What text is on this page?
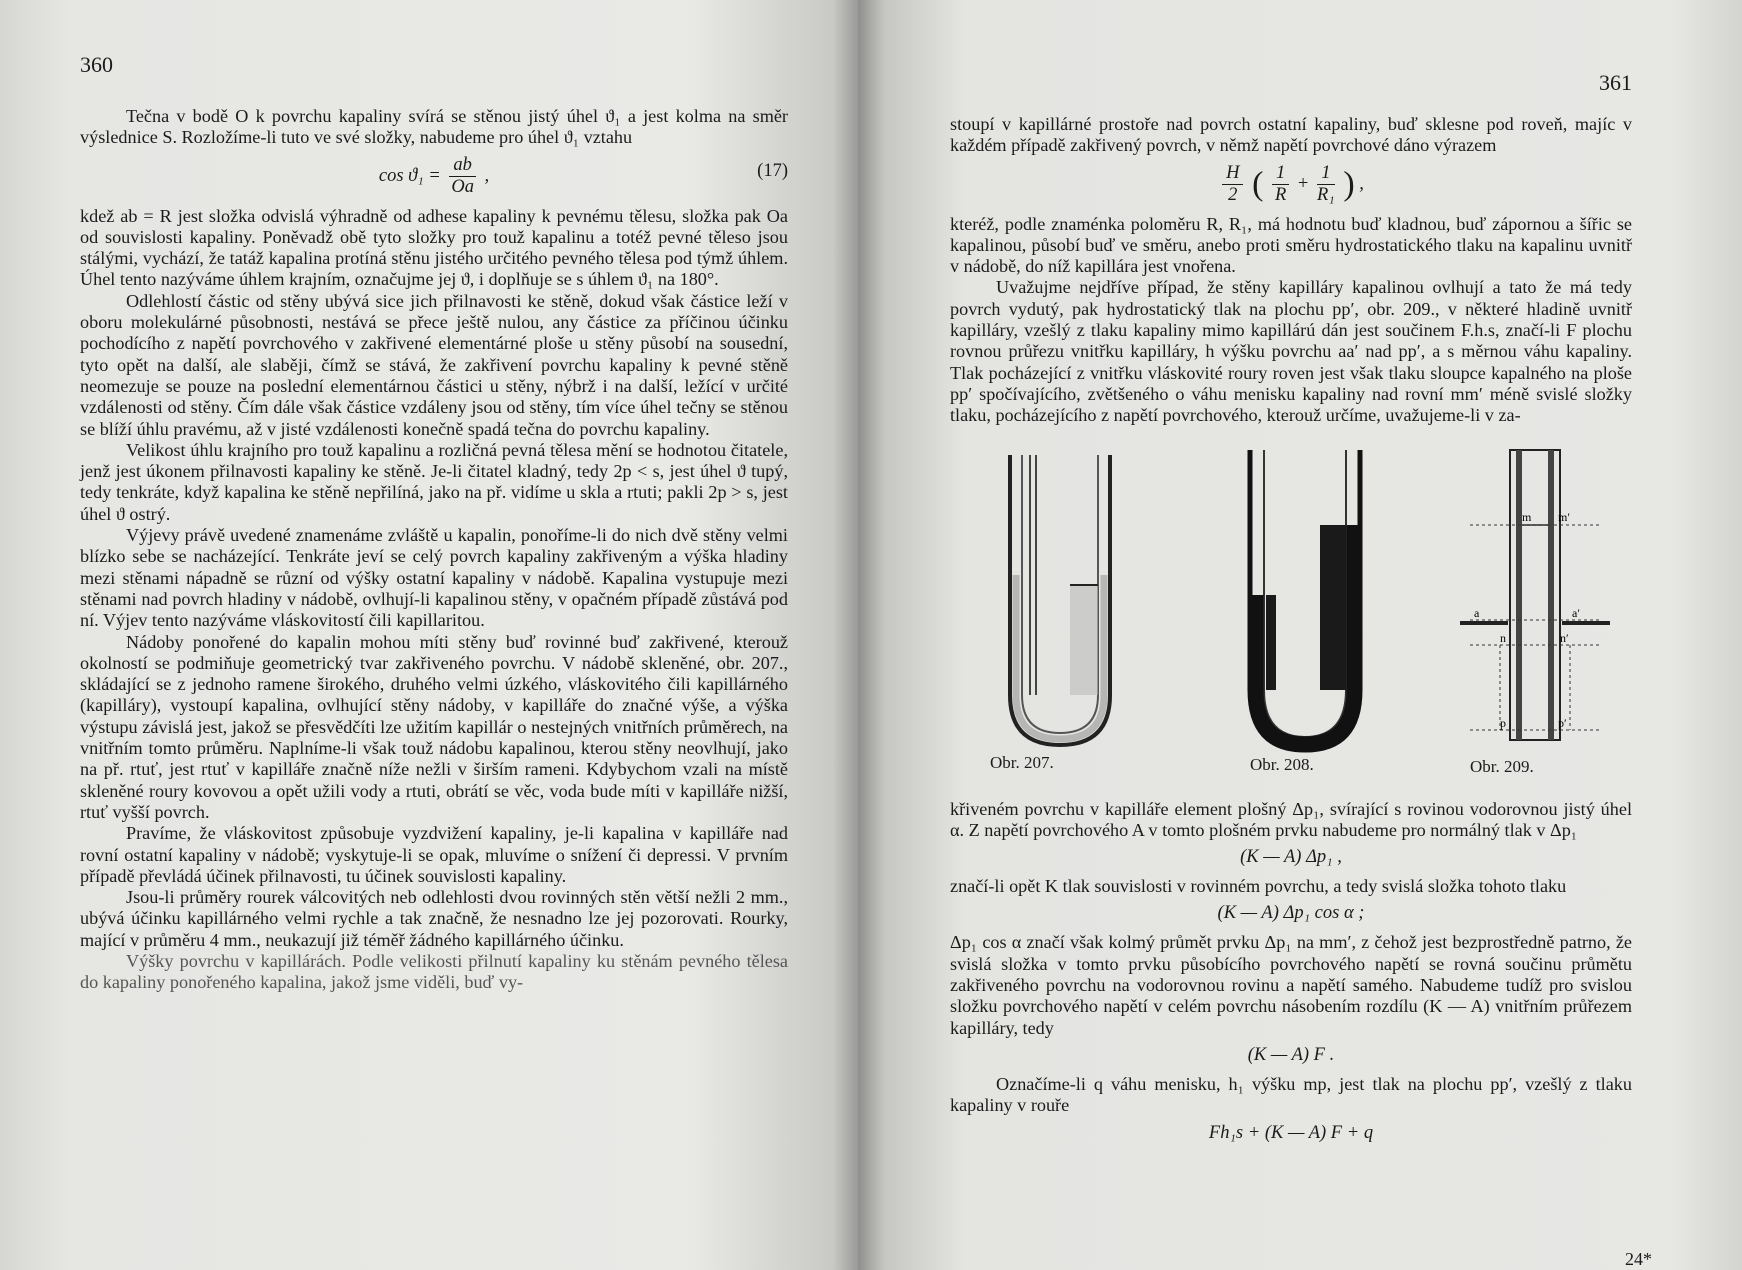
360

Tečna v bodě O k povrchu kapaliny svírá se stěnou jistý úhel ϑ₁ a jest kolma na směr výslednice S. Rozložíme-li tuto ve své složky, nabudeme pro úhel ϑ₁ vztahu

$\cos ϑ_1 = \frac{ab}{Oa}$ ,	(17)

kdež ab = R jest složka odvislá výhradně od adhese kapaliny k pevnému tělesu, složka pak Oa od souvislosti kapaliny. Poněvadž obě tyto složky pro touž kapalinu a totéž pevné těleso jsou stálými, vychází, že tatáž kapalina protíná stěnu jistého určitého pevného tělesa pod týmž úhlem. Úhel tento nazýváme úhlem krajním, označujme jej ϑ, i doplňuje se s úhlem ϑ₁ na 180°.

Odlehlostí částic od stěny ubývá sice jich přilnavosti ke stěně, dokud však částice leží v oboru molekulárné působnosti, nestává se přece ještě nulou, any částice za příčinou účinku pochodícího z napětí povrchového v zakřivené elementárné ploše u stěny působí na sousední, tyto opět na další, ale slaběji, čímž se stává, že zakřivení povrchu kapaliny k pevné stěně neomezuje se pouze na poslední elementárnou částici u stěny, nýbrž i na další, ležící v určité vzdálenosti od stěny. Čím dále však částice vzdáleny jsou od stěny, tím více úhel tečny se stěnou se blíží úhlu pravému, až v jisté vzdálenosti konečně spadá tečna do povrchu kapaliny.

Velikost úhlu krajního pro touž kapalinu a rozličná pevná tělesa mění se hodnotou čitatele, jenž jest úkonem přilnavosti kapaliny ke stěně. Je-li čitatel kladný, tedy 2p < s, jest úhel ϑ tupý, tedy tenkráte, když kapalina ke stěně nepřilíná, jako na př. vidíme u skla a rtuti; pakli 2p > s, jest úhel ϑ ostrý.

Výjevy právě uvedené znamenáme zvláště u kapalin, ponoříme-li do nich dvě stěny velmi blízko sebe se nacházející. Tenkráte jeví se celý povrch kapaliny zakřiveným a výška hladiny mezi stěnami nápadně se různí od výšky ostatní kapaliny v nádobě. Kapalina vystupuje mezi stěnami nad povrch hladiny v nádobě, ovlhují-li kapalinou stěny, v opačném případě zůstává pod ní. Výjev tento nazýváme vláskovitostí čili kapillaritou.

Nádoby ponořené do kapalin mohou míti stěny buď rovinné buď zakřivené, kterouž okolností se podmiňuje geometrický tvar zakřiveného povrchu. V nádobě skleněné, obr. 207., skládající se z jednoho ramene širokého, druhého velmi úzkého, vláskovitého čili kapillárného (kapilláry), vystoupí kapalina, ovlhující stěny nádoby, v kapilláře do značné výše, a výška výstupu závislá jest, jakož se přesvědčíti lze užitím kapillár o nestejných vnitřních průměrech, na vnitřním tomto průměru. Naplníme-li však touž nádobu kapalinou, kterou stěny neovlhují, jako na př. rtuť, jest rtuť v kapilláře značně níže nežli v širším rameni. Kdybychom vzali na místě skleněné roury kovovou a opět užili vody a rtuti, obrátí se věc, voda bude míti v kapilláře nižší, rtuť vyšší povrch.

Pravíme, že vláskovitost způsobuje vyzdvižení kapaliny, je-li kapalina v kapilláře nad rovní ostatní kapaliny v nádobě; vyskytuje-li se opak, mluvíme o snížení či depressi. V prvním případě převládá účinek přilnavosti, tu účinek souvislosti kapaliny.

Jsou-li průměry rourek válcovitých neb odlehlosti dvou rovinných stěn větší nežli 2 mm., ubývá účinku kapillárného velmi rychle a tak značně, že nesnadno lze jej pozorovati. Rourky, mající v průměru 4 mm., neukazují již téměř žádného kapillárného účinku.

Výšky povrchu v kapillárách. Podle velikosti přilnutí kapaliny ku stěnám pevného tělesa do kapaliny ponořeného kapalina, jakož jsme viděli, buď vy-

361

stoupí v kapillárné prostoře nad povrch ostatní kapaliny, buď sklesne pod roveň, majíc v každém případě zakřivený povrch, v němž napětí povrchové dáno výrazem

$\frac{H}{2}$ ( $\frac{1}{R} + \frac{1}{\text{R₁}}$ ) ,

kteréž, podle znaménka poloměru R, R₁, má hodnotu buď kladnou, buď zápornou a šířic se kapalinou, působí buď ve směru, anebo proti směru hydrostatického tlaku na kapalinu uvnitř v nádobě, do níž kapillára jest vnořena.

Uvažujme nejdříve případ, že stěny kapilláry kapalinou ovlhují a tato že má tedy povrch vydutý, pak hydrostatický tlak na plochu pp′, obr. 209., v některé hladině uvnitř kapilláry, vzešlý z tlaku kapaliny mimo kapillárú dán jest součinem F.h.s, značí-li F plochu rovnou průřezu vnitřku kapilláry, h výšku povrchu aa′ nad pp′, a s měrnou váhu kapaliny. Tlak pocházející z vnitřku vláskovité roury roven jest však tlaku sloupce kapalného na ploše pp′ spočívajícího, zvětšeného o váhu menisku kapaliny nad rovní mm′ méně svislé složky tlaku, pocházejícího z napětí povrchového, kterouž určíme, uvažujeme-li v za-

Obr. 207.	Obr. 208.
m m′
a	a′
n	n′
p	p′
Obr. 209.

křiveném povrchu v kapilláře element plošný Δp₁, svírající s rovinou vodorovnou jistý úhel α. Z napětí povrchového A v tomto plošném prvku nabudeme pro normálný tlak v Δp₁

(K — A) Δp₁ ,

značí-li opět K tlak souvislosti v rovinném povrchu, a tedy svislá složka tohoto tlaku

(K — A) Δp₁ cos α ;

Δp₁ cos α značí však kolmý průmět prvku Δp₁ na mm′, z čehož jest bezprostředně patrno, že svislá složka v tomto prvku působícího povrchového napětí se rovná součinu průmětu zakřiveného povrchu na vodorovnou rovinu a napětí samého. Nabudeme tudíž pro svislou složku povrchového napětí v celém povrchu násobením rozdílu (K — A) vnitřním průřezem kapilláry, tedy

(K — A) F .

Označíme-li q váhu menisku, h₁ výšku mp, jest tlak na plochu pp′, vzešlý z tlaku kapaliny v rouře

Fh₁s + (K — A) F + q
24*
